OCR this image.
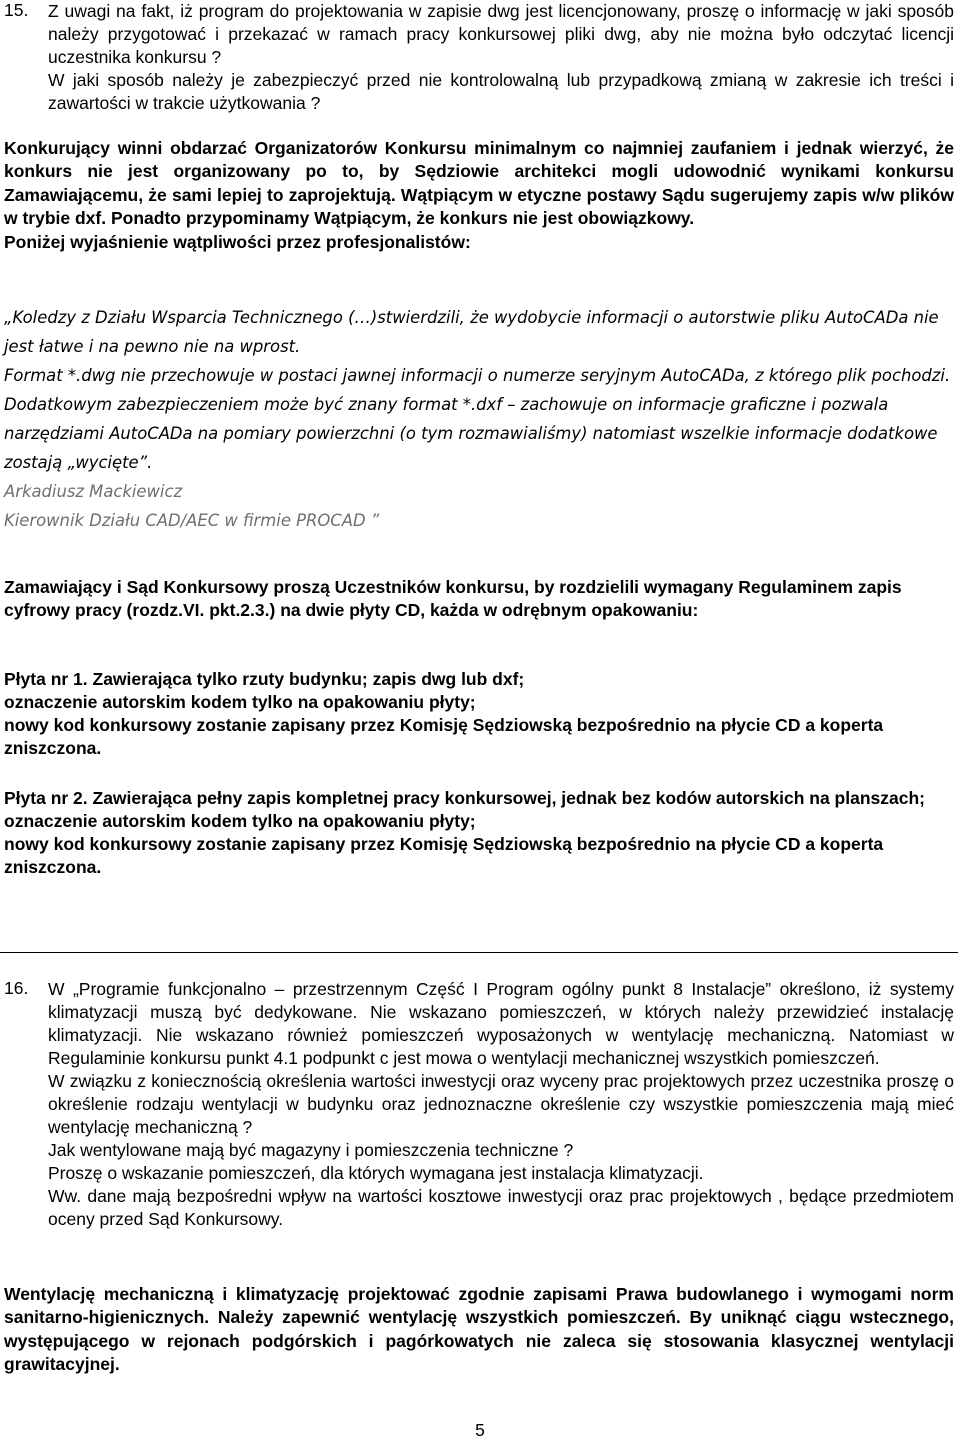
15. Z uwagi na fakt, iż program do projektowania w zapisie dwg jest licencjonowany, proszę o informację w jaki sposób należy przygotować i przekazać w ramach pracy konkursowej pliki dwg, aby nie można było odczytać licencji uczestnika konkursu ?

W jaki sposób należy je zabezpieczyć przed nie kontrolowalną lub przypadkową zmianą w zakresie ich treści i zawartości w trakcie użytkowania ?

Konkurujący winni obdarzać Organizatorów Konkursu minimalnym co najmniej zaufaniem i jednak wierzyć, że konkurs nie jest organizowany po to, by Sędziowie architekci mogli udowodnić wynikami konkursu Zamawiającemu, że sami lepiej to zaprojektują. Wątpiącym w etyczne postawy Sądu sugerujemy zapis w/w plików w trybie dxf. Ponadto przypominamy Wątpiącym, że konkurs nie jest obowiązkowy.

Poniżej wyjaśnienie wątpliwości przez profesjonalistów:

„Koledzy z Działu Wsparcia Technicznego (…)stwierdzili, że wydobycie informacji o autorstwie pliku AutoCADa nie jest łatwe i na pewno nie na wprost.

Format *.dwg nie przechowuje w postaci jawnej informacji o numerze seryjnym AutoCADa, z którego plik pochodzi.

Dodatkowym zabezpieczeniem może być znany format *.dxf – zachowuje on informacje graficzne i pozwala narzędziami AutoCADa na pomiary powierzchni (o tym rozmawialiśmy) natomiast wszelkie informacje dodatkowe zostają „wycięte”.

Arkadiusz Mackiewicz

Kierownik Działu CAD/AEC w firmie PROCAD ”

Zamawiający i Sąd Konkursowy proszą Uczestników konkursu, by rozdzielili wymagany Regulaminem zapis cyfrowy pracy (rozdz.VI. pkt.2.3.) na dwie płyty CD, każda w odrębnym opakowaniu:

Płyta nr 1. Zawierająca tylko rzuty budynku; zapis dwg lub dxf;

oznaczenie autorskim kodem tylko na opakowaniu płyty;

nowy kod konkursowy zostanie zapisany przez Komisję Sędziowską bezpośrednio na płycie CD a koperta zniszczona.

Płyta nr 2. Zawierająca pełny zapis kompletnej pracy konkursowej, jednak bez kodów autorskich na planszach;

oznaczenie autorskim kodem tylko na opakowaniu płyty;

nowy kod konkursowy zostanie zapisany przez Komisję Sędziowską bezpośrednio na płycie CD a koperta zniszczona.

16. W „Programie funkcjonalno – przestrzennym Część I Program ogólny punkt 8 Instalacje” określono, iż systemy klimatyzacji muszą być dedykowane. Nie wskazano pomieszczeń, w których należy przewidzieć instalację klimatyzacji. Nie wskazano również pomieszczeń wyposażonych w wentylację mechaniczną. Natomiast w Regulaminie konkursu punkt 4.1 podpunkt c jest mowa o wentylacji mechanicznej wszystkich pomieszczeń.

W związku z koniecznością określenia wartości inwestycji oraz wyceny prac projektowych przez uczestnika proszę o określenie rodzaju wentylacji w budynku oraz jednoznaczne określenie czy wszystkie pomieszczenia mają mieć wentylację mechaniczną ?

Jak wentylowane mają być magazyny i pomieszczenia techniczne ?

Proszę o wskazanie pomieszczeń, dla których wymagana jest instalacja klimatyzacji.

Ww. dane mają bezpośredni wpływ na wartości kosztowe inwestycji oraz prac projektowych , będące przedmiotem oceny przed Sąd Konkursowy.

Wentylację mechaniczną i klimatyzację projektować zgodnie zapisami Prawa budowlanego i wymogami norm sanitarno-higienicznych. Należy zapewnić wentylację wszystkich pomieszczeń. By uniknąć ciągu wstecznego, występującego w rejonach podgórskich i pagórkowatych nie zaleca się stosowania klasycznej wentylacji grawitacyjnej.

5
